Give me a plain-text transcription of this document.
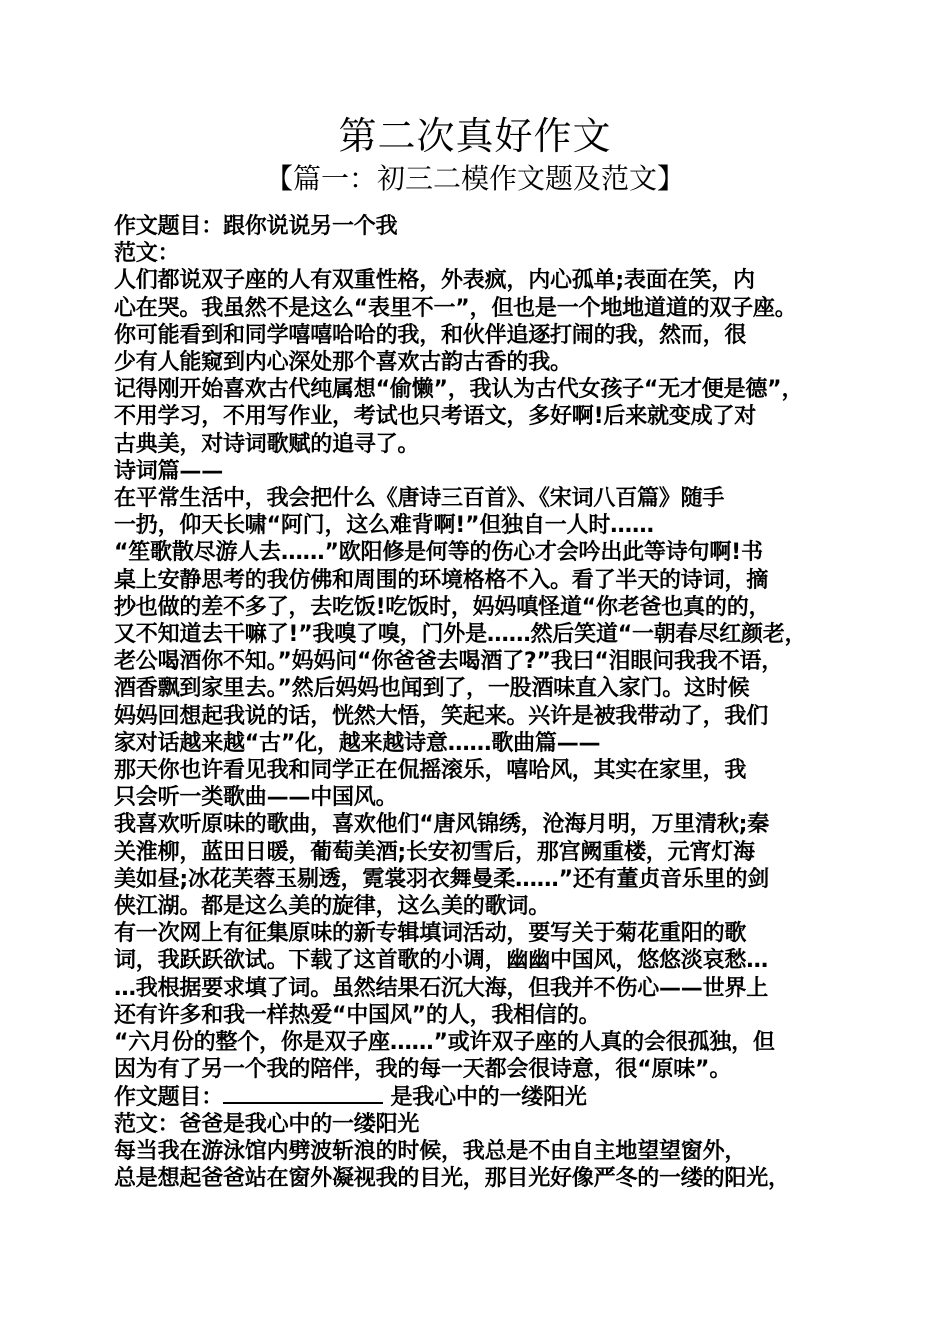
第二次真好作文
【篇一：初三二模作文题及范文】
作文题目：跟你说说另一个我
范文：
人们都说双子座的人有双重性格，外表疯，内心孤单;表面在笑，内
心在哭。我虽然不是这么“表里不一”，但也是一个地地道道的双子座。
你可能看到和同学嘻嘻哈哈的我，和伙伴追逐打闹的我，然而，很
少有人能窥到内心深处那个喜欢古韵古香的我。
记得刚开始喜欢古代纯属想“偷懒”，我认为古代女孩子“无才便是德”，
不用学习，不用写作业，考试也只考语文，多好啊!后来就变成了对
古典美，对诗词歌赋的追寻了。
诗词篇——
在平常生活中，我会把什么《唐诗三百首》、《宋词八百篇》随手
一扔，仰天长啸“阿门，这么难背啊!”但独自一人时……
“笙歌散尽游人去……”欧阳修是何等的伤心才会吟出此等诗句啊!书
桌上安静思考的我仿佛和周围的环境格格不入。看了半天的诗词，摘
抄也做的差不多了，去吃饭!吃饭时，妈妈嗔怪道“你老爸也真的的，
又不知道去干嘛了!”我嗅了嗅，门外是……然后笑道“一朝春尽红颜老，
老公喝酒你不知。”妈妈问“你爸爸去喝酒了?”我曰“泪眼问我我不语，
酒香飘到家里去。”然后妈妈也闻到了，一股酒味直入家门。这时候
妈妈回想起我说的话，恍然大悟，笑起来。兴许是被我带动了，我们
家对话越来越“古”化，越来越诗意……歌曲篇——
那天你也许看见我和同学正在侃摇滚乐，嘻哈风，其实在家里，我
只会听一类歌曲——中国风。
我喜欢听原味的歌曲，喜欢他们“唐风锦绣，沧海月明，万里清秋;秦
关淮柳，蓝田日暖，葡萄美酒;长安初雪后，那宫阙重楼，元宵灯海
美如昼;冰花芙蓉玉剔透，霓裳羽衣舞曼柔……”还有董贞音乐里的剑
侠江湖。都是这么美的旋律，这么美的歌词。
有一次网上有征集原味的新专辑填词活动，要写关于菊花重阳的歌
词，我跃跃欲试。下载了这首歌的小调，幽幽中国风，悠悠淡哀愁…
…我根据要求填了词。虽然结果石沉大海，但我并不伤心——世界上
还有许多和我一样热爱“中国风”的人，我相信的。
“六月份的整个，你是双子座……”或许双子座的人真的会很孤独，但
因为有了另一个我的陪伴，我的每一天都会很诗意，很“原味”。
作文题目：	是我心中的一缕阳光
范文：爸爸是我心中的一缕阳光
每当我在游泳馆内劈波斩浪的时候，我总是不由自主地望望窗外，
总是想起爸爸站在窗外凝视我的目光，那目光好像严冬的一缕的阳光，
